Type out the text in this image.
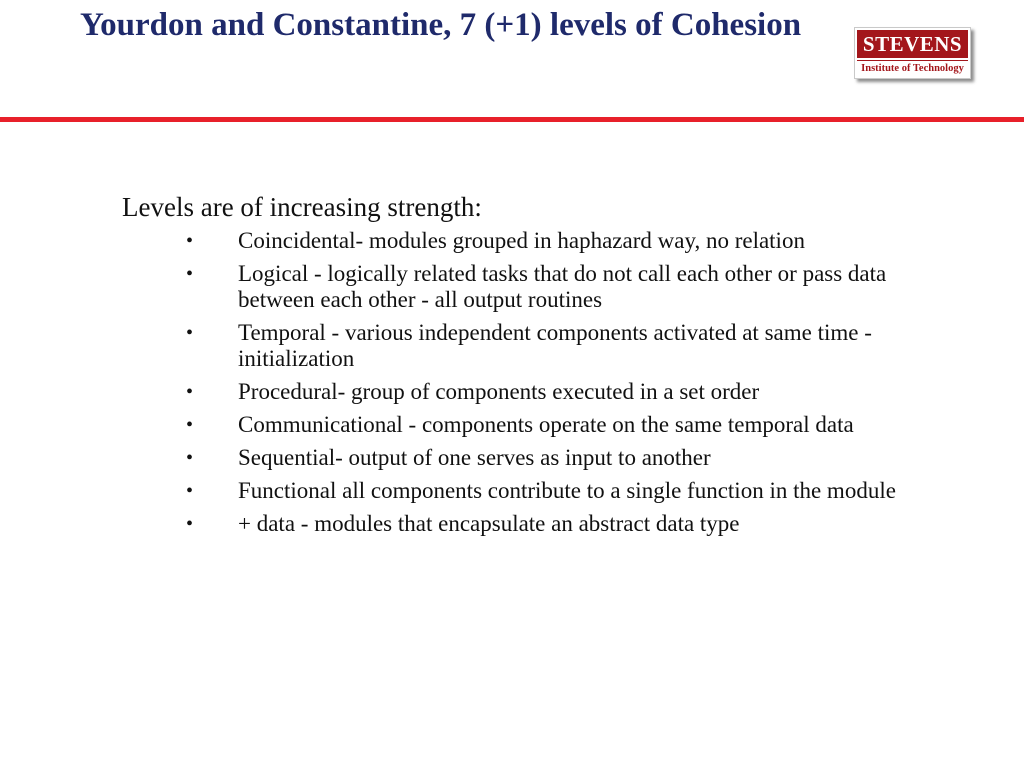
Yourdon and Constantine, 7 (+1) levels of Cohesion
STEVENS
Institute of Technology

Levels are of increasing strength:

• Coincidental- modules grouped in haphazard way, no relation
• Logical - logically related tasks that do not call each other or pass data between each other - all output routines
• Temporal - various independent components activated at same time - initialization
• Procedural- group of components executed in a set order
• Communicational - components operate on the same temporal data
• Sequential- output of one serves as input to another
• Functional all components contribute to a single function in the module
• + data - modules that encapsulate an abstract data type
